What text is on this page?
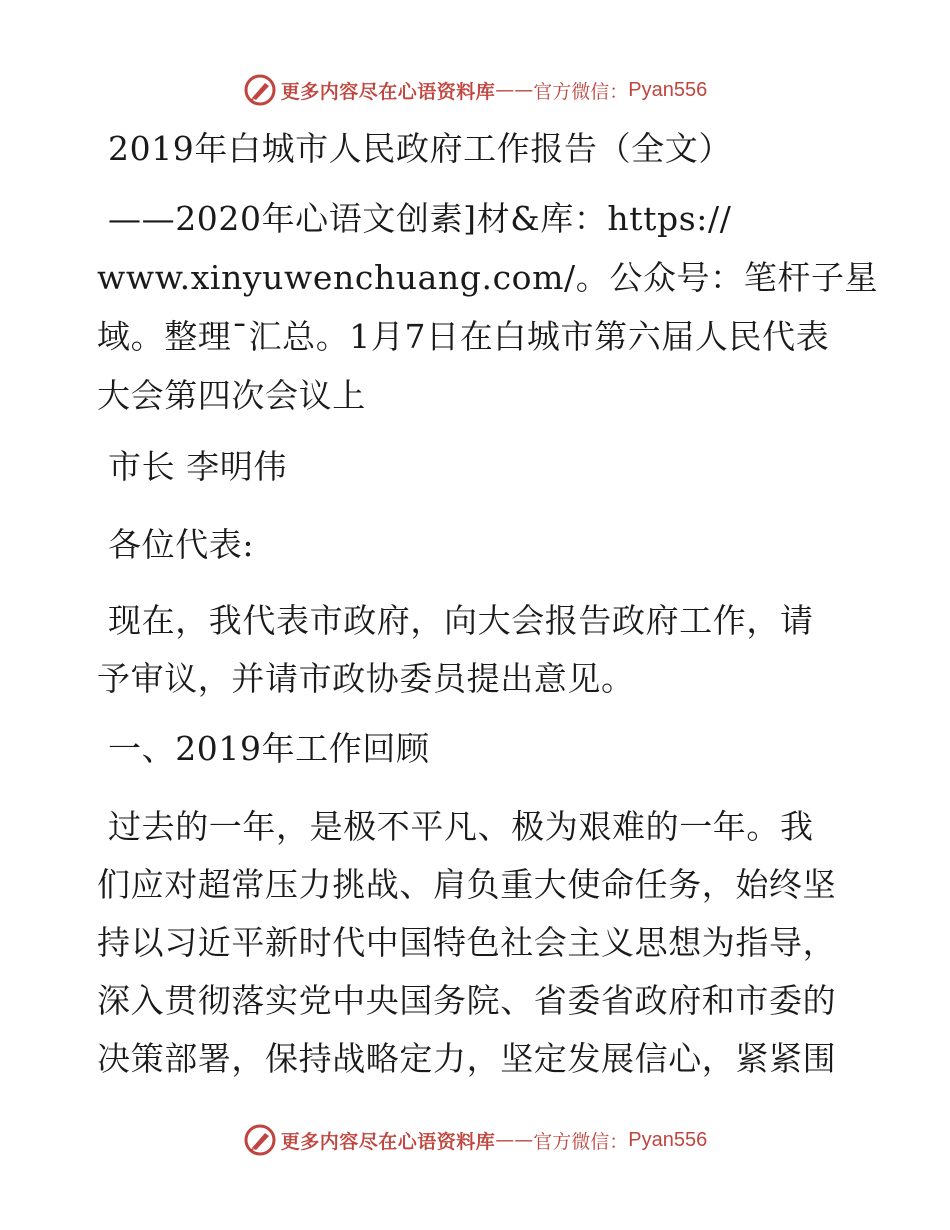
更多内容尽在心语资料库 —— 官方微信： Pyan556
2019年白城市人民政府工作报告（全文）
——2020年心语文创素]材&库：https://
www.xinyuwenchuang.com/。公众号：笔杆子星
域。整理¯汇总。1月7日在白城市第六届人民代表
大会第四次会议上
市长 李明伟
各位代表:
现在，我代表市政府，向大会报告政府工作，请
予审议，并请市政协委员提出意见。
一、2019年工作回顾
过去的一年，是极不平凡、极为艰难的一年。我
们应对超常压力挑战、肩负重大使命任务，始终坚
持以习近平新时代中国特色社会主义思想为指导，
深入贯彻落实党中央国务院、省委省政府和市委的
决策部署，保持战略定力，坚定发展信心，紧紧围
更多内容尽在心语资料库 —— 官方微信： Pyan556
